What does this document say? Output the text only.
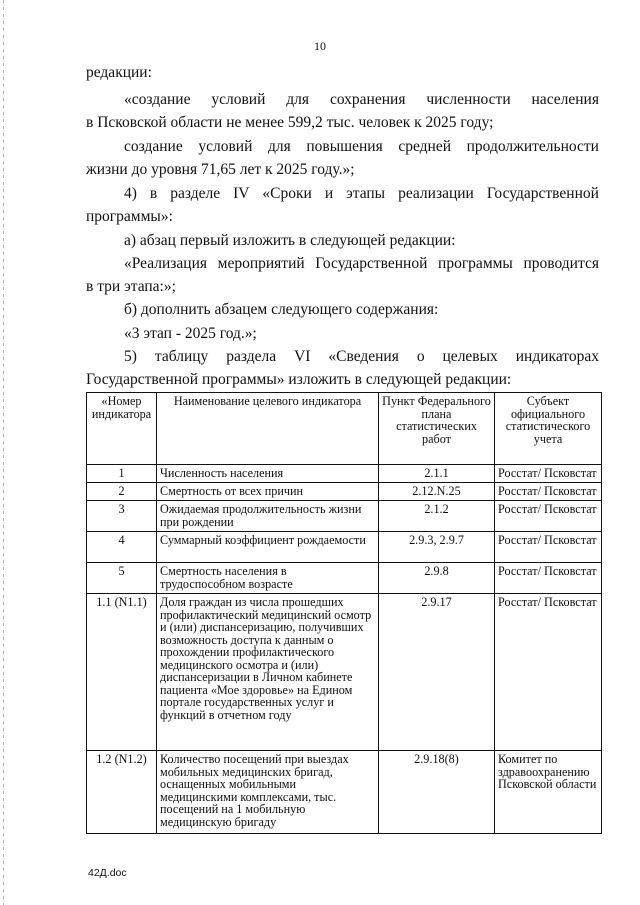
10
редакции:
«создание условий для сохранения численности населения
в Псковской области не менее 599,2 тыс. человек к 2025 году;
создание условий для повышения средней продолжительности
жизни до уровня 71,65 лет к 2025 году.»;
4) в разделе IV «Сроки и этапы реализации Государственной
программы»:
а) абзац первый изложить в следующей редакции:
«Реализация мероприятий Государственной программы проводится
в три этапа:»;
б) дополнить абзацем следующего содержания:
«3 этап - 2025 год.»;
5) таблицу раздела VI «Сведения о целевых индикаторах
Государственной программы» изложить в следующей редакции:
«Номер индикатора	Наименование целевого индикатора	Пункт Федерального плана статистических работ	Субъект официального статистического учета
1	Численность населения	2.1.1	Росстат/ Псковстат
2	Смертность от всех причин	2.12.N.25	Росстат/ Псковстат
3	Ожидаемая продолжительность жизни при рождении	2.1.2	Росстат/ Псковстат
4	Суммарный коэффициент рождаемости	2.9.3, 2.9.7	Росстат/ Псковстат
5	Смертность населения в трудоспособном возрасте	2.9.8	Росстат/ Псковстат
1.1 (N1.1)	Доля граждан из числа прошедших профилактический медицинский осмотр и (или) диспансеризацию, получивших возможность доступа к данным о прохождении профилактического медицинского осмотра и (или) диспансеризации в Личном кабинете пациента «Мое здоровье» на Едином портале государственных услуг и функций в отчетном году	2.9.17	Росстат/ Псковстат
1.2 (N1.2)	Количество посещений при выездах мобильных медицинских бригад, оснащенных мобильными медицинскими комплексами, тыс. посещений на 1 мобильную медицинскую бригаду	2.9.18(8)	Комитет по здравоохранению Псковской области
42Д.doc
